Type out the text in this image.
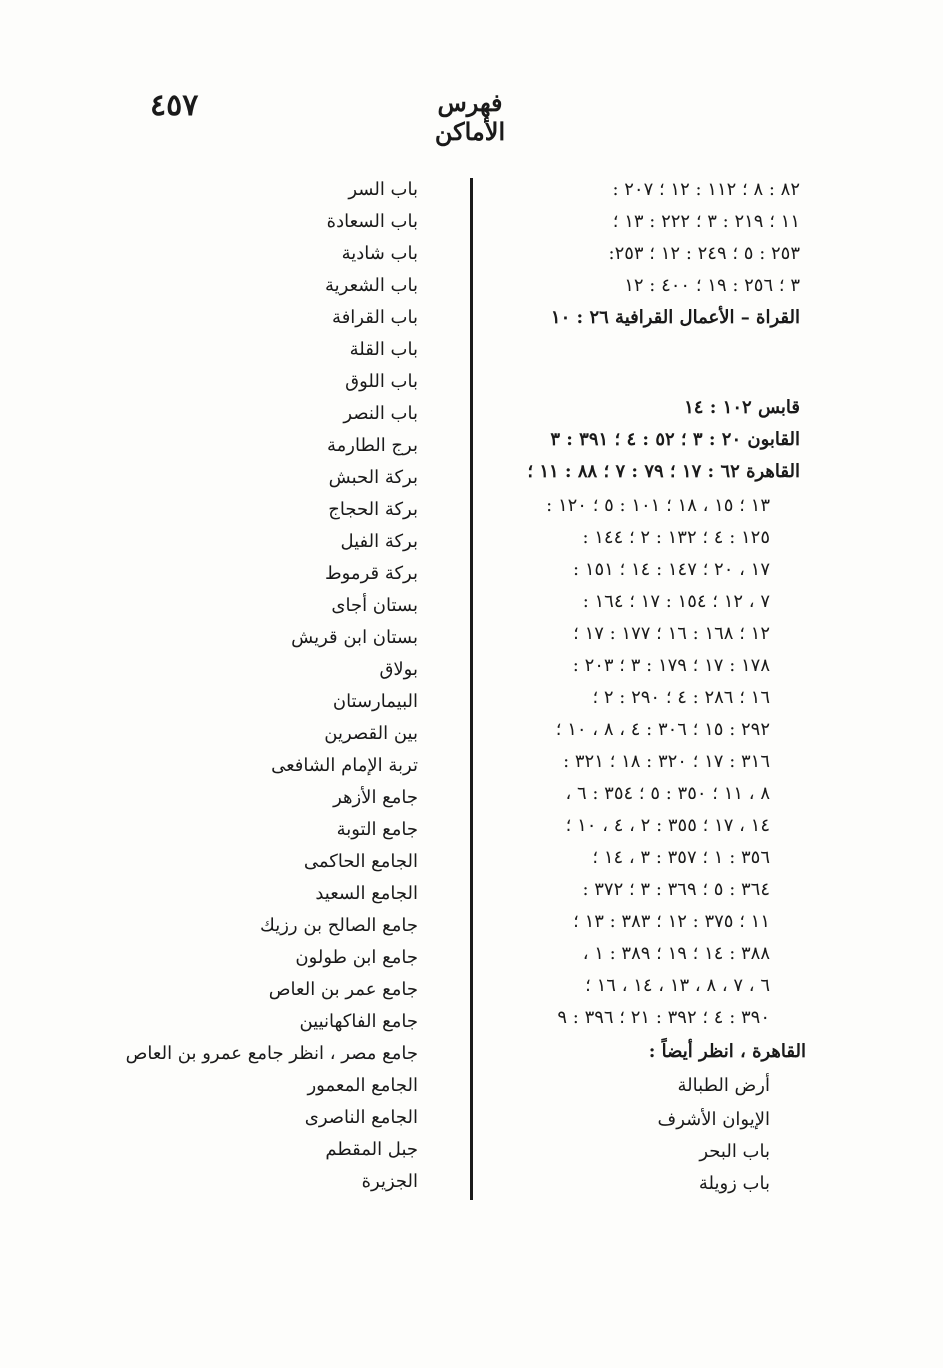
٤٥٧	فهرس الأماكن
باب السر
باب السعادة
باب شادية
باب الشعرية
باب القرافة
باب القلة
باب اللوق
باب النصر
برج الطارمة
بركة الحبش
بركة الحجاج
بركة الفيل
بركة قرموط
بستان أجاى
بستان ابن قريش
بولاق
البيمارستان
بين القصرين
تربة الإمام الشافعى
جامع الأزهر
جامع التوبة
الجامع الحاكمى
الجامع السعيد
جامع الصالح بن رزيك
جامع ابن طولون
جامع عمر بن العاص
جامع الفاكهانيين
جامع مصر ، انظر جامع عمرو بن العاص
الجامع المعمور
الجامع الناصرى
جبل المقطم
الجزيرة
٨٢ : ٨ ؛ ١١٢ : ١٢ ؛ ٢٠٧ :
١١ ؛ ٢١٩ : ٣ ؛ ٢٢٢ : ١٣ ؛
٢٥٣ : ٥ ؛ ٢٤٩ : ١٢ ؛ ٢٥٣:
٣ ؛ ٢٥٦ : ١٩ ؛ ٤٠٠ : ١٢
القراة – الأعمال القرافية ٢٦ : ١٠
قابس ١٠٢ : ١٤
القابون ٢٠ : ٣ ؛ ٥٢ : ٤ ؛ ٣٩١ : ٣
القاهرة ٦٢ : ١٧ ؛ ٧٩ : ٧ ؛ ٨٨ : ١١ ؛
١٣ ؛ ١٥ ، ١٨ ؛ ١٠١ : ٥ ؛ ١٢٠ :
١٢٥ : ٤ ؛ ١٣٢ : ٢ ؛ ١٤٤ :
١٧ ، ٢٠ ؛ ١٤٧ : ١٤ ؛ ١٥١ :
٧ ، ١٢ ؛ ١٥٤ : ١٧ ؛ ١٦٤ :
١٢ ؛ ١٦٨ : ١٦ ؛ ١٧٧ : ١٧ ؛
١٧٨ : ١٧ ؛ ١٧٩ : ٣ ؛ ٢٠٣ :
١٦ ؛ ٢٨٦ : ٤ ؛ ٢٩٠ : ٢ ؛
٢٩٢ : ١٥ ؛ ٣٠٦ : ٤ ، ٨ ، ١٠ ؛
٣١٦ : ١٧ ؛ ٣٢٠ : ١٨ ؛ ٣٢١ :
٨ ، ١١ ؛ ٣٥٠ : ٥ ؛ ٣٥٤ : ٦ ،
١٤ ، ١٧ ؛ ٣٥٥ : ٢ ، ٤ ، ١٠ ؛
٣٥٦ : ١ ؛ ٣٥٧ : ٣ ، ١٤ ؛
٣٦٤ : ٥ ؛ ٣٦٩ : ٣ ؛ ٣٧٢ :
١١ ؛ ٣٧٥ : ١٢ ؛ ٣٨٣ : ١٣ ؛
٣٨٨ : ١٤ ؛ ١٩ ؛ ٣٨٩ : ١ ،
٦ ، ٧ ، ٨ ، ١٣ ، ١٤ ، ١٦ ؛
٣٩٠ : ٤ ؛ ٣٩٢ : ٢١ ؛ ٣٩٦ : ٩
القاهرة ، انظر أيضاً :
أرض الطبالة
الإيوان الأشرف
باب البحر
باب زويلة
